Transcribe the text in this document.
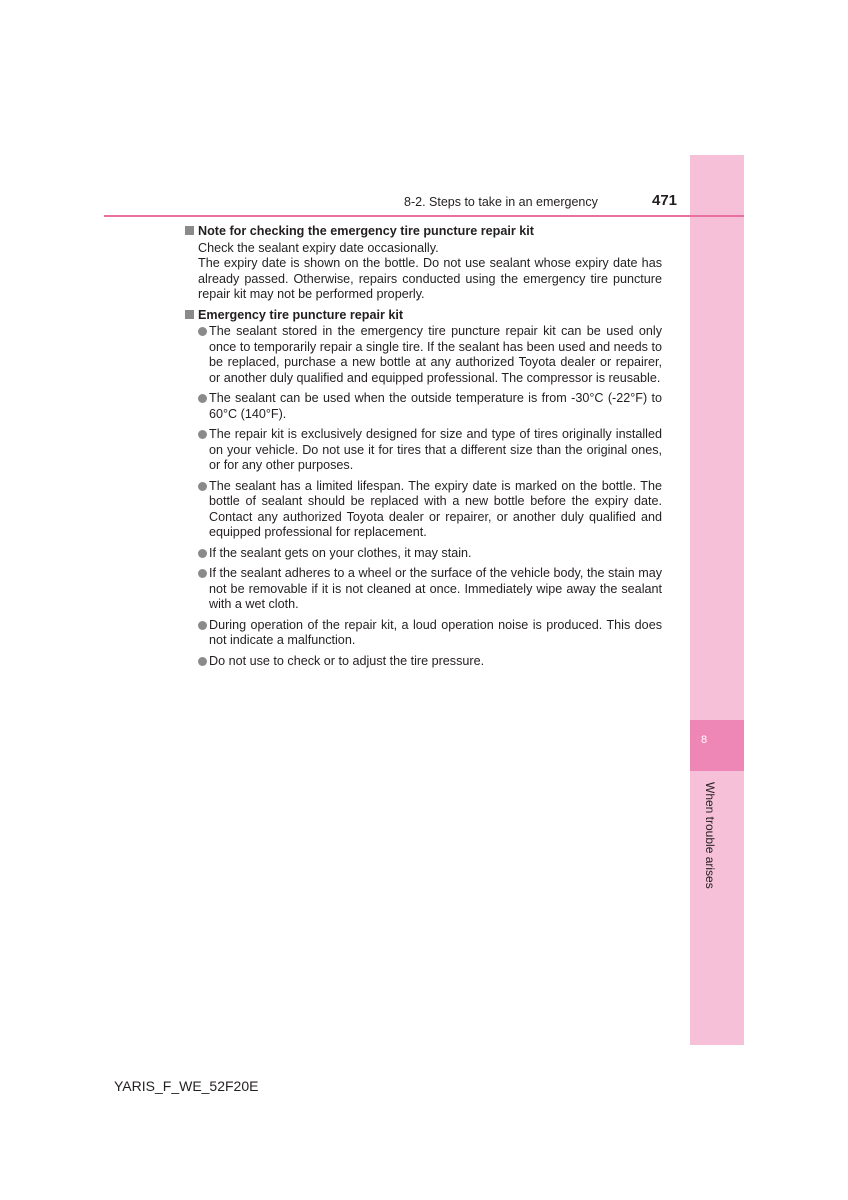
8
When trouble arises
8-2. Steps to take in an emergency	471
Note for checking the emergency tire puncture repair kit
Check the sealant expiry date occasionally.
The expiry date is shown on the bottle. Do not use sealant whose expiry date has already passed. Otherwise, repairs conducted using the emergency tire puncture repair kit may not be performed properly.
Emergency tire puncture repair kit
The sealant stored in the emergency tire puncture repair kit can be used only once to temporarily repair a single tire. If the sealant has been used and needs to be replaced, purchase a new bottle at any authorized Toyota dealer or repairer, or another duly qualified and equipped professional. The compressor is reusable.
The sealant can be used when the outside temperature is from -30°C (-22°F) to 60°C (140°F).
The repair kit is exclusively designed for size and type of tires originally installed on your vehicle. Do not use it for tires that a different size than the original ones, or for any other purposes.
The sealant has a limited lifespan. The expiry date is marked on the bottle. The bottle of sealant should be replaced with a new bottle before the expiry date. Contact any authorized Toyota dealer or repairer, or another duly qualified and equipped professional for replacement.
If the sealant gets on your clothes, it may stain.
If the sealant adheres to a wheel or the surface of the vehicle body, the stain may not be removable if it is not cleaned at once. Immediately wipe away the sealant with a wet cloth.
During operation of the repair kit, a loud operation noise is produced. This does not indicate a malfunction.
Do not use to check or to adjust the tire pressure.
YARIS_F_WE_52F20E
